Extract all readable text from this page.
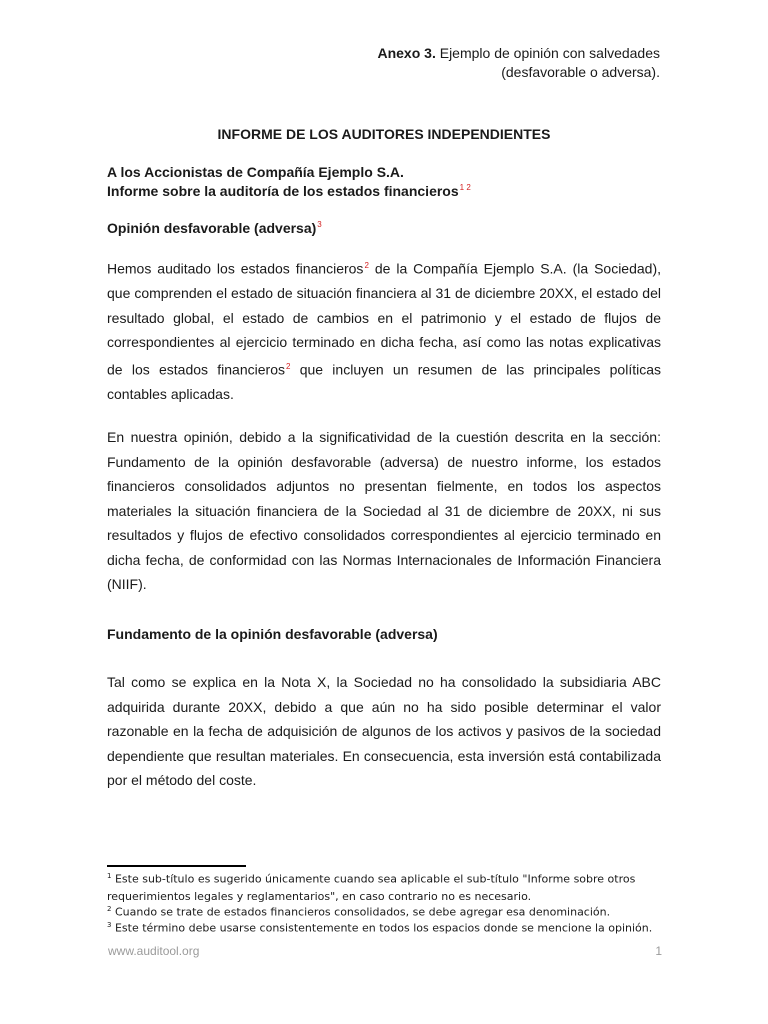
Anexo 3. Ejemplo de opinión con salvedades
(desfavorable o adversa).
INFORME DE LOS AUDITORES INDEPENDIENTES
A los Accionistas de Compañía Ejemplo S.A.
Informe sobre la auditoría de los estados financieros$^{1 2}$
Opinión desfavorable (adversa)$^3$
Hemos auditado los estados financieros$^2$ de la Compañía Ejemplo S.A. (la Sociedad), que comprenden el estado de situación financiera al 31 de diciembre 20XX, el estado del resultado global, el estado de cambios en el patrimonio y el estado de flujos de correspondientes al ejercicio terminado en dicha fecha, así como las notas explicativas de los estados financieros$^2$ que incluyen un resumen de las principales políticas contables aplicadas.
En nuestra opinión, debido a la significatividad de la cuestión descrita en la sección: Fundamento de la opinión desfavorable (adversa) de nuestro informe, los estados financieros consolidados adjuntos no presentan fielmente, en todos los aspectos materiales la situación financiera de la Sociedad al 31 de diciembre de 20XX, ni sus resultados y flujos de efectivo consolidados correspondientes al ejercicio terminado en dicha fecha, de conformidad con las Normas Internacionales de Información Financiera (NIIF).
Fundamento de la opinión desfavorable (adversa)
Tal como se explica en la Nota X, la Sociedad no ha consolidado la subsidiaria ABC adquirida durante 20XX, debido a que aún no ha sido posible determinar el valor razonable en la fecha de adquisición de algunos de los activos y pasivos de la sociedad dependiente que resultan materiales. En consecuencia, esta inversión está contabilizada por el método del coste.
$^1$ Este sub-título es sugerido únicamente cuando sea aplicable el sub-título "Informe sobre otros requerimientos legales y reglamentarios", en caso contrario no es necesario.
$^2$ Cuando se trate de estados financieros consolidados, se debe agregar esa denominación.
$^3$ Este término debe usarse consistentemente en todos los espacios donde se mencione la opinión.
www.auditool.org	1
